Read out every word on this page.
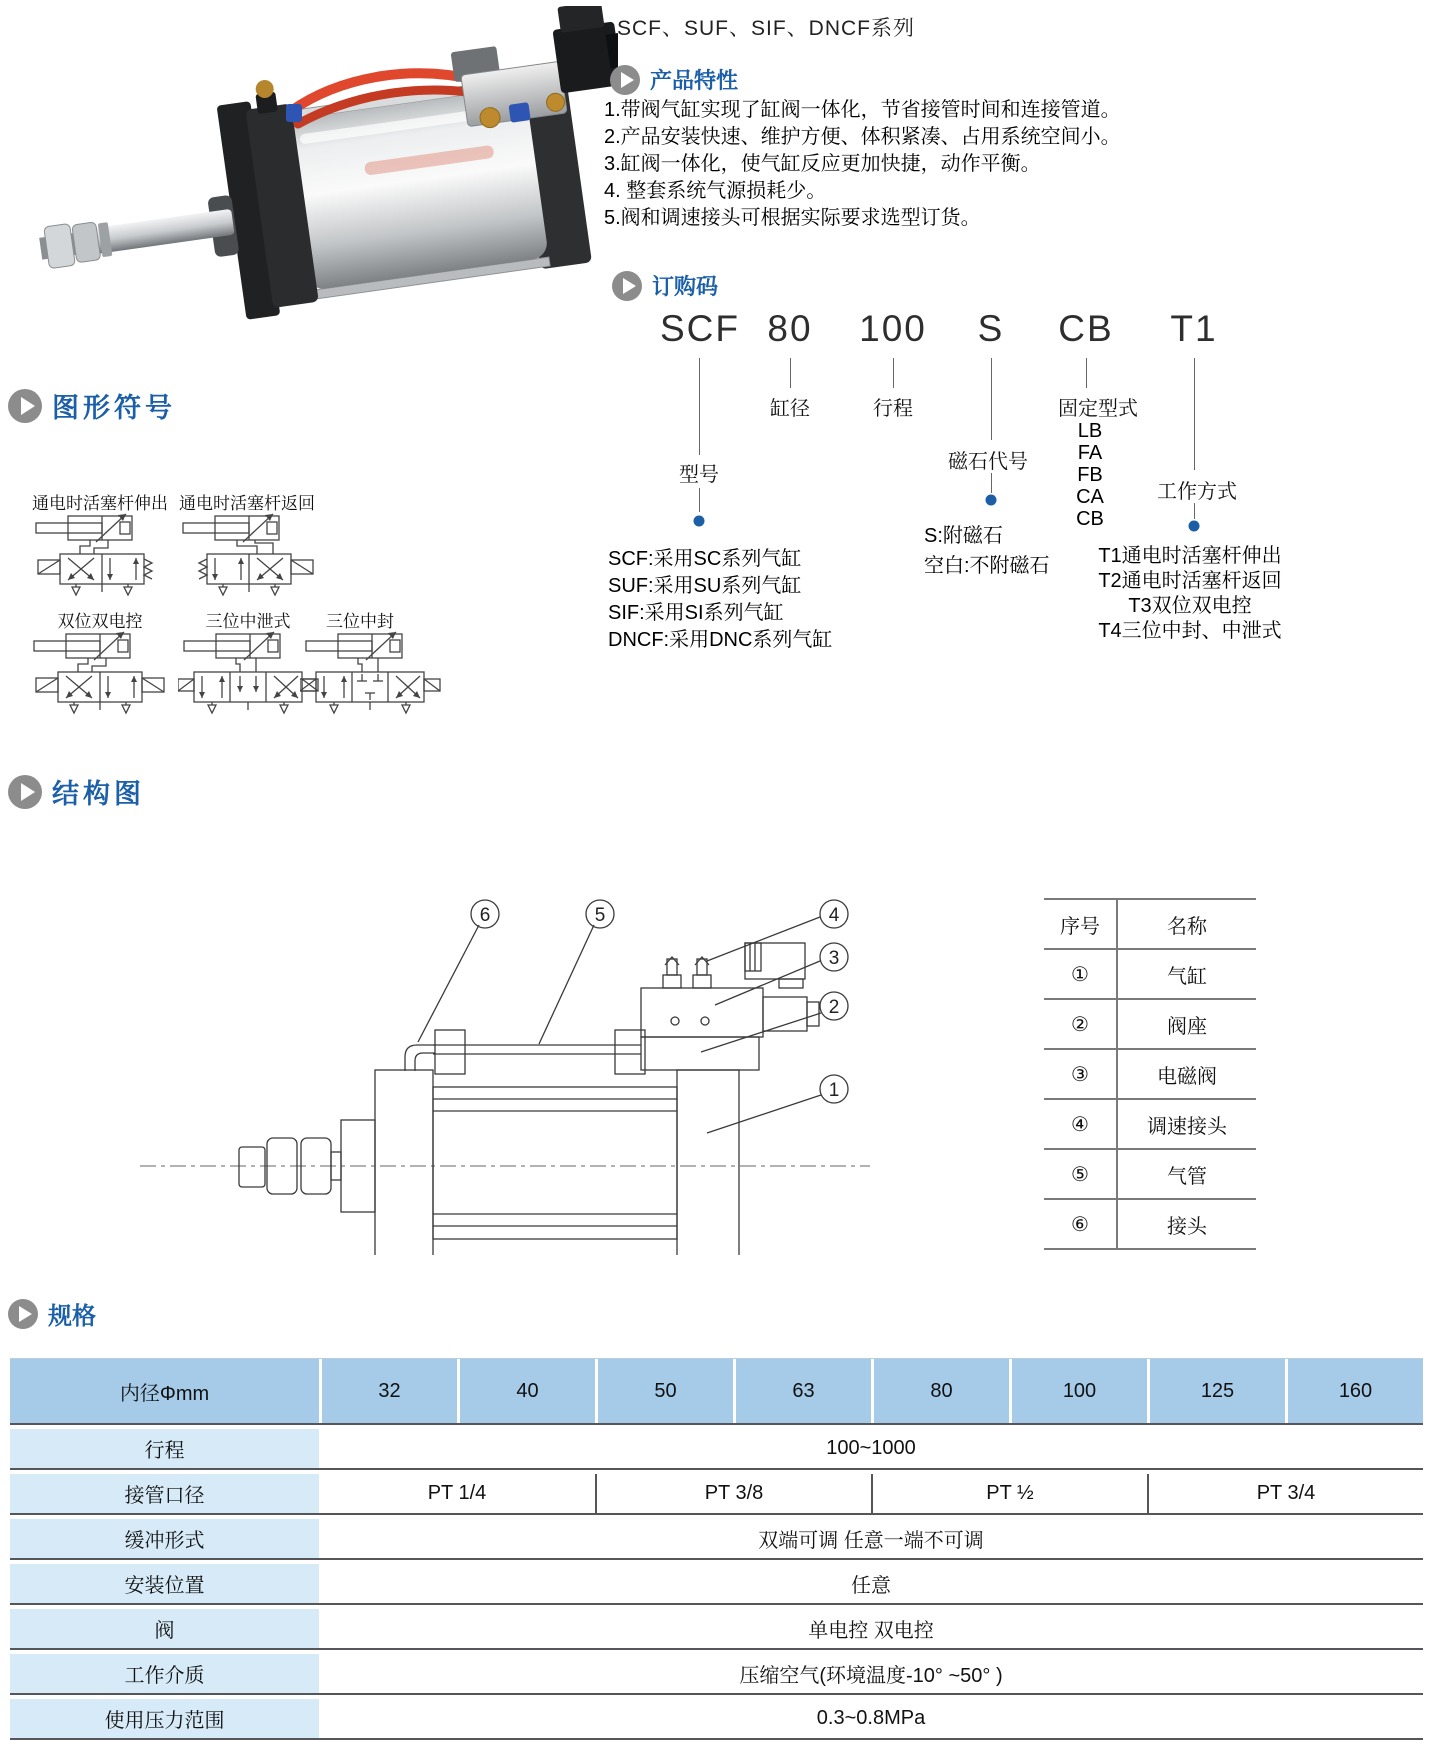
SCF、SUF、SIF、DNCF系列
产品特性
1.带阀气缸实现了缸阀一体化，节省接管时间和连接管道。
2.产品安装快速、维护方便、体积紧凑、占用系统空间小。
3.缸阀一体化，使气缸反应更加快捷，动作平衡。
4. 整套系统气源损耗少。
5.阀和调速接头可根据实际要求选型订货。
订购码
SCF 80 100 S CB T1
型号
缸径	行程
磁石代号
固定型式
工作方式
SCF:采用SC系列气缸
SUF:采用SU系列气缸
SIF:采用SI系列气缸
DNCF:采用DNC系列气缸
S:附磁石
空白:不附磁石
LB
FA
FB
CA
CB
T1通电时活塞杆伸出
T2通电时活塞杆返回
T3双位双电控
T4三位中封、中泄式
图形符号
通电时活塞杆伸出 通电时活塞杆返回
双位双电控	三位中泄式 三位中封
结构图
6	5	4
3
2
1
序号	名称
①	气缸
②	阀座
③	电磁阀
④	调速接头
⑤	气管
⑥	接头
规格
内径Φmm	32	40	50	63	80	100	125	160
行程	100~1000
接管口径	PT 1/4	PT 3/8	PT ½	PT 3/4
缓冲形式	双端可调 任意一端不可调
安装位置	任意
阀	单电控 双电控
工作介质	压缩空气(环境温度-10° ~50° )
使用压力范围	0.3~0.8MPa
